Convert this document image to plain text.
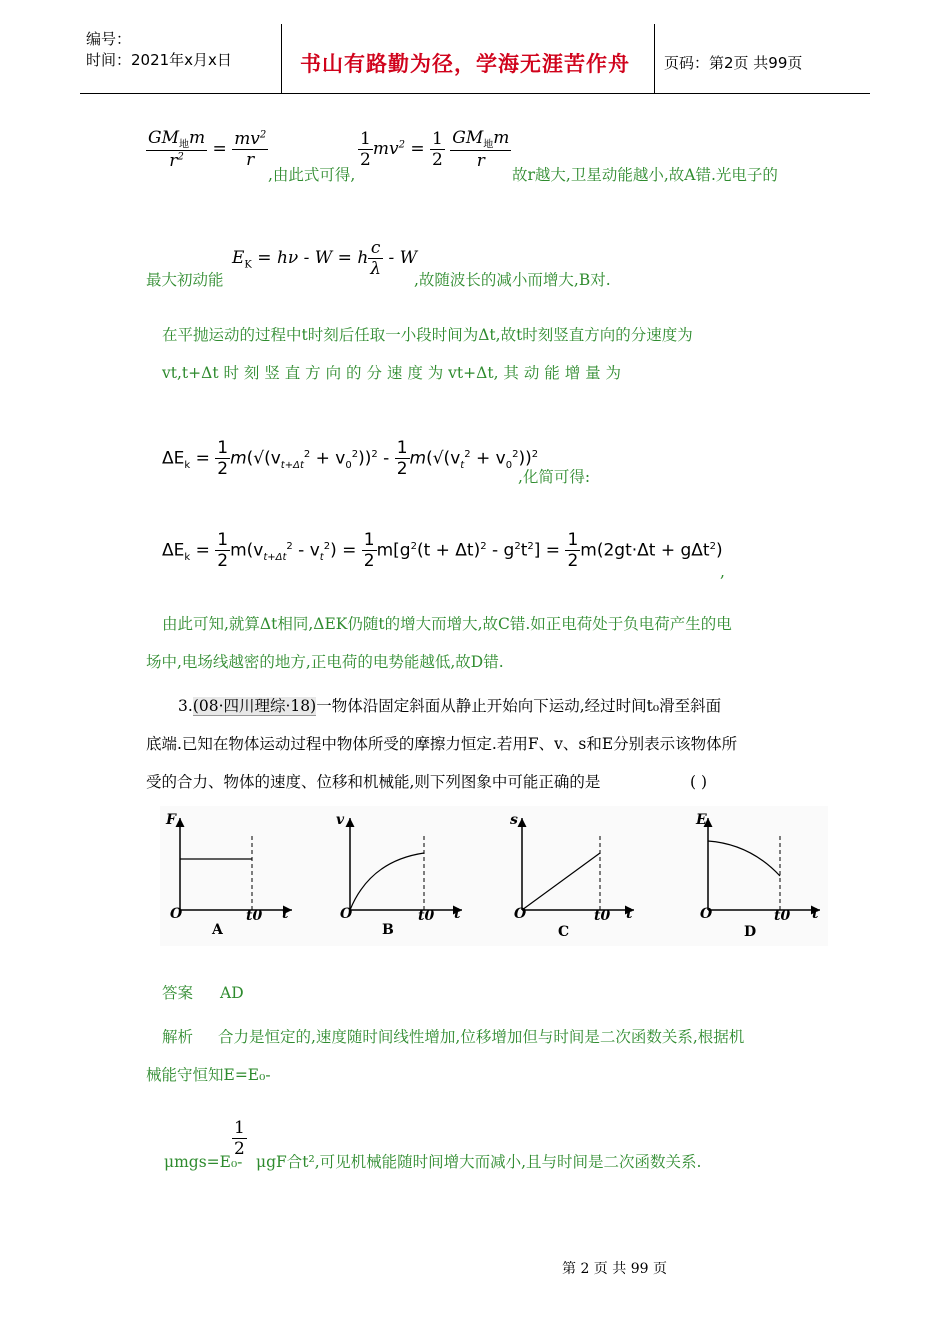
编号：
时间：2021年x月x日	书山有路勤为径，学海无涯苦作舟 页码：第2页 共99页
$\frac{GM_地m}{r^2} = \frac{mv^2}{r}$
,由此式可得,
$\frac{1}{2} mv^2 = \frac{1}{2}$
$\frac{GM_地m}{r}$
故r越大,卫星动能越小,故A错.光电子的
最大初动能
$E_K = h\nu - W = h \frac{c}{\lambda} - W$
,故随波长的减小而增大,B对.
在平抛运动的过程中t时刻后任取一小段时间为Δt,故t时刻竖直方向的分速度为
vt,t+Δt 时 刻 竖 直 方 向 的 分 速 度 为 vt+Δt, 其 动 能 增 量 为
$\Delta E_k = \frac{1}{2} m(√(v_{t+\Delta t}^2 + v_0^2))^2 - \frac{1}{2} m(√(v_t^2 + v_0^2))^2$
,化简可得:
$\Delta E_k = \frac{1}{2} m(v_{t+\Delta t}^2 - v_t^2) = \frac{1}{2} m[g^2(t + \Delta t)^2 - g^2t^2] = \frac{1}{2} m(2gt\cdot\Delta t + g\Delta t^2)$
,
由此可知,就算Δt相同,ΔEK仍随t的增大而增大,故C错.如正电荷处于负电荷产生的电
场中,电场线越密的地方,正电荷的电势能越低,故D错.
3.(08·四川理综·18)一物体沿固定斜面从静止开始向下运动,经过时间t₀滑至斜面
底端.已知在物体运动过程中物体所受的摩擦力恒定.若用F、v、s和E分别表示该物体所
受的合力、物体的速度、位移和机械能,则下列图象中可能正确的是	( )
F
O	t0 t
A
v
O	t0 t
B
s
O	t0 t
C
E
O	t0 t
D
答案 AD
解析 合力是恒定的,速度随时间线性增加,位移增加但与时间是二次函数关系,根据机
械能守恒知E=E₀-
μmgs=E₀-
$\frac{1}{2}$
μgF合t²,可见机械能随时间增大而减小,且与时间是二次函数关系.
第 2 页 共 99 页
